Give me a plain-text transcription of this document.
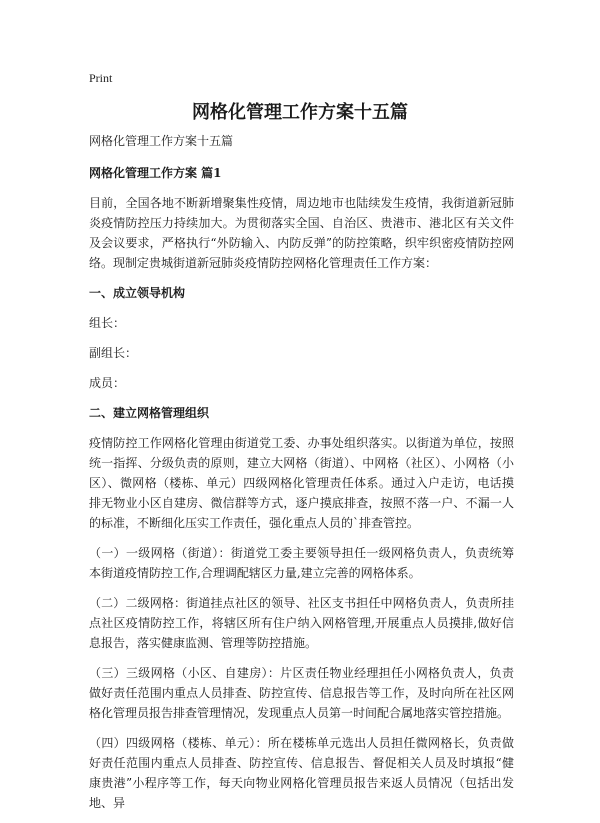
Print
网格化管理工作方案十五篇

网格化管理工作方案十五篇

网格化管理工作方案 篇1

目前，全国各地不断新增聚集性疫情，周边地市也陆续发生疫情，我街道新冠肺炎疫情防控压力持续加大。为贯彻落实全国、自治区、贵港市、港北区有关文件及会议要求，严格执行“外防输入、内防反弹”的防控策略，织牢织密疫情防控网络。现制定贵城街道新冠肺炎疫情防控网格化管理责任工作方案：

一、成立领导机构

组长：

副组长：

成员：

二、建立网格管理组织

疫情防控工作网格化管理由街道党工委、办事处组织落实。以街道为单位，按照统一指挥、分级负责的原则，建立大网格（街道）、中网格（社区）、小网格（小区）、微网格（楼栋、单元）四级网格化管理责任体系。通过入户走访，电话摸排无物业小区自建房、微信群等方式，逐户摸底排查，按照不落一户、不漏一人的标准，不断细化压实工作责任，强化重点人员的`排查管控。

（一）一级网格（街道）：街道党工委主要领导担任一级网格负责人，负责统筹本街道疫情防控工作,合理调配辖区力量,建立完善的网格体系。

（二）二级网格：街道挂点社区的领导、社区支书担任中网格负责人，负责所挂点社区疫情防控工作，将辖区所有住户纳入网格管理,开展重点人员摸排,做好信息报告，落实健康监测、管理等防控措施。

（三）三级网格（小区、自建房）：片区责任物业经理担任小网格负责人，负责做好责任范围内重点人员排查、防控宣传、信息报告等工作，及时向所在社区网格化管理员报告排查管理情况，发现重点人员第一时间配合属地落实管控措施。

（四）四级网格（楼栋、单元）：所在楼栋单元选出人员担任微网格长，负责做好责任范围内重点人员排查、防控宣传、信息报告、督促相关人员及时填报“健康贵港”小程序等工作，每天向物业网格化管理员报告来返人员情况（包括出发地、异
